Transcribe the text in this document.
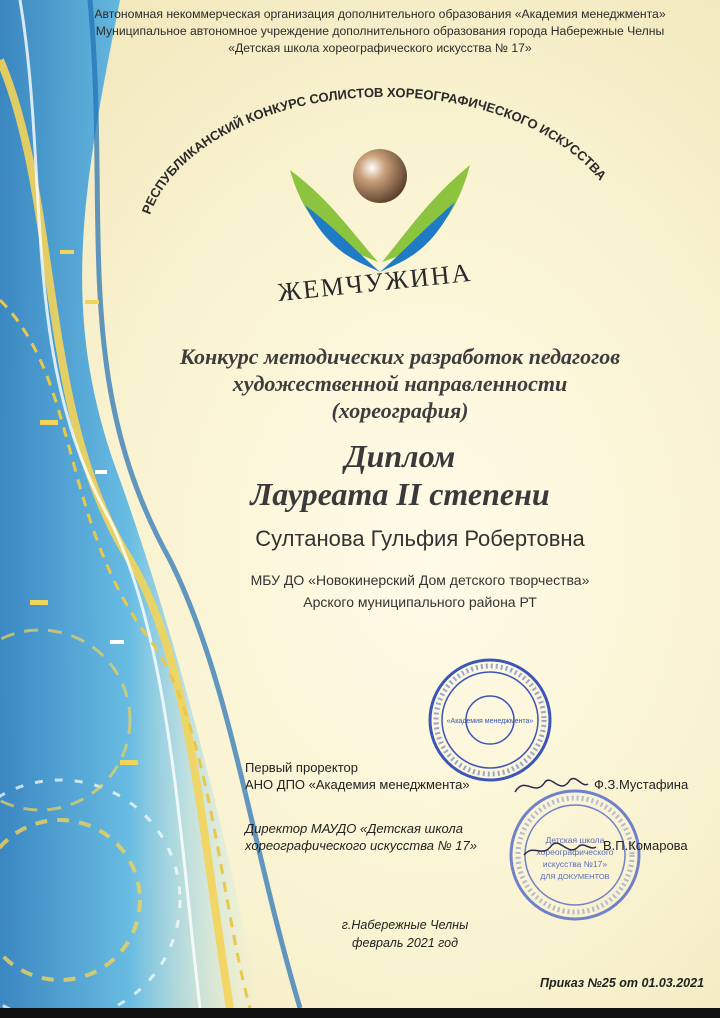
Автономная некоммерческая организация дополнительного образования «Академия менеджмента»
Муниципальное автономное учреждение дополнительного образования города Набережные Челны
«Детская школа хореографического искусства № 17»
РЕСПУБЛИКАНСКИЙ КОНКУРС СОЛИСТОВ ХОРЕОГРАФИЧЕСКОГО ИСКУССТВА
ЖЕМЧУЖИНА
Конкурс методических разработок педагогов
художественной направленности
(хореография)
Диплом
Лауреата II степени
Султанова Гульфия Робертовна
МБУ ДО «Новокинерский Дом детского творчества»
Арского муниципального района РТ
«Академия менеджмента»
Детская школа
хореографического
искусства №17»
ДЛЯ ДОКУМЕНТОВ
Первый проректор
АНО ДПО «Академия менеджмента»	Ф.З.Мустафина
Директор МАУДО «Детская школа
хореографического искусства № 17»	В.П.Комарова
г.Набережные Челны
февраль 2021 год
Приказ №25 от 01.03.2021
